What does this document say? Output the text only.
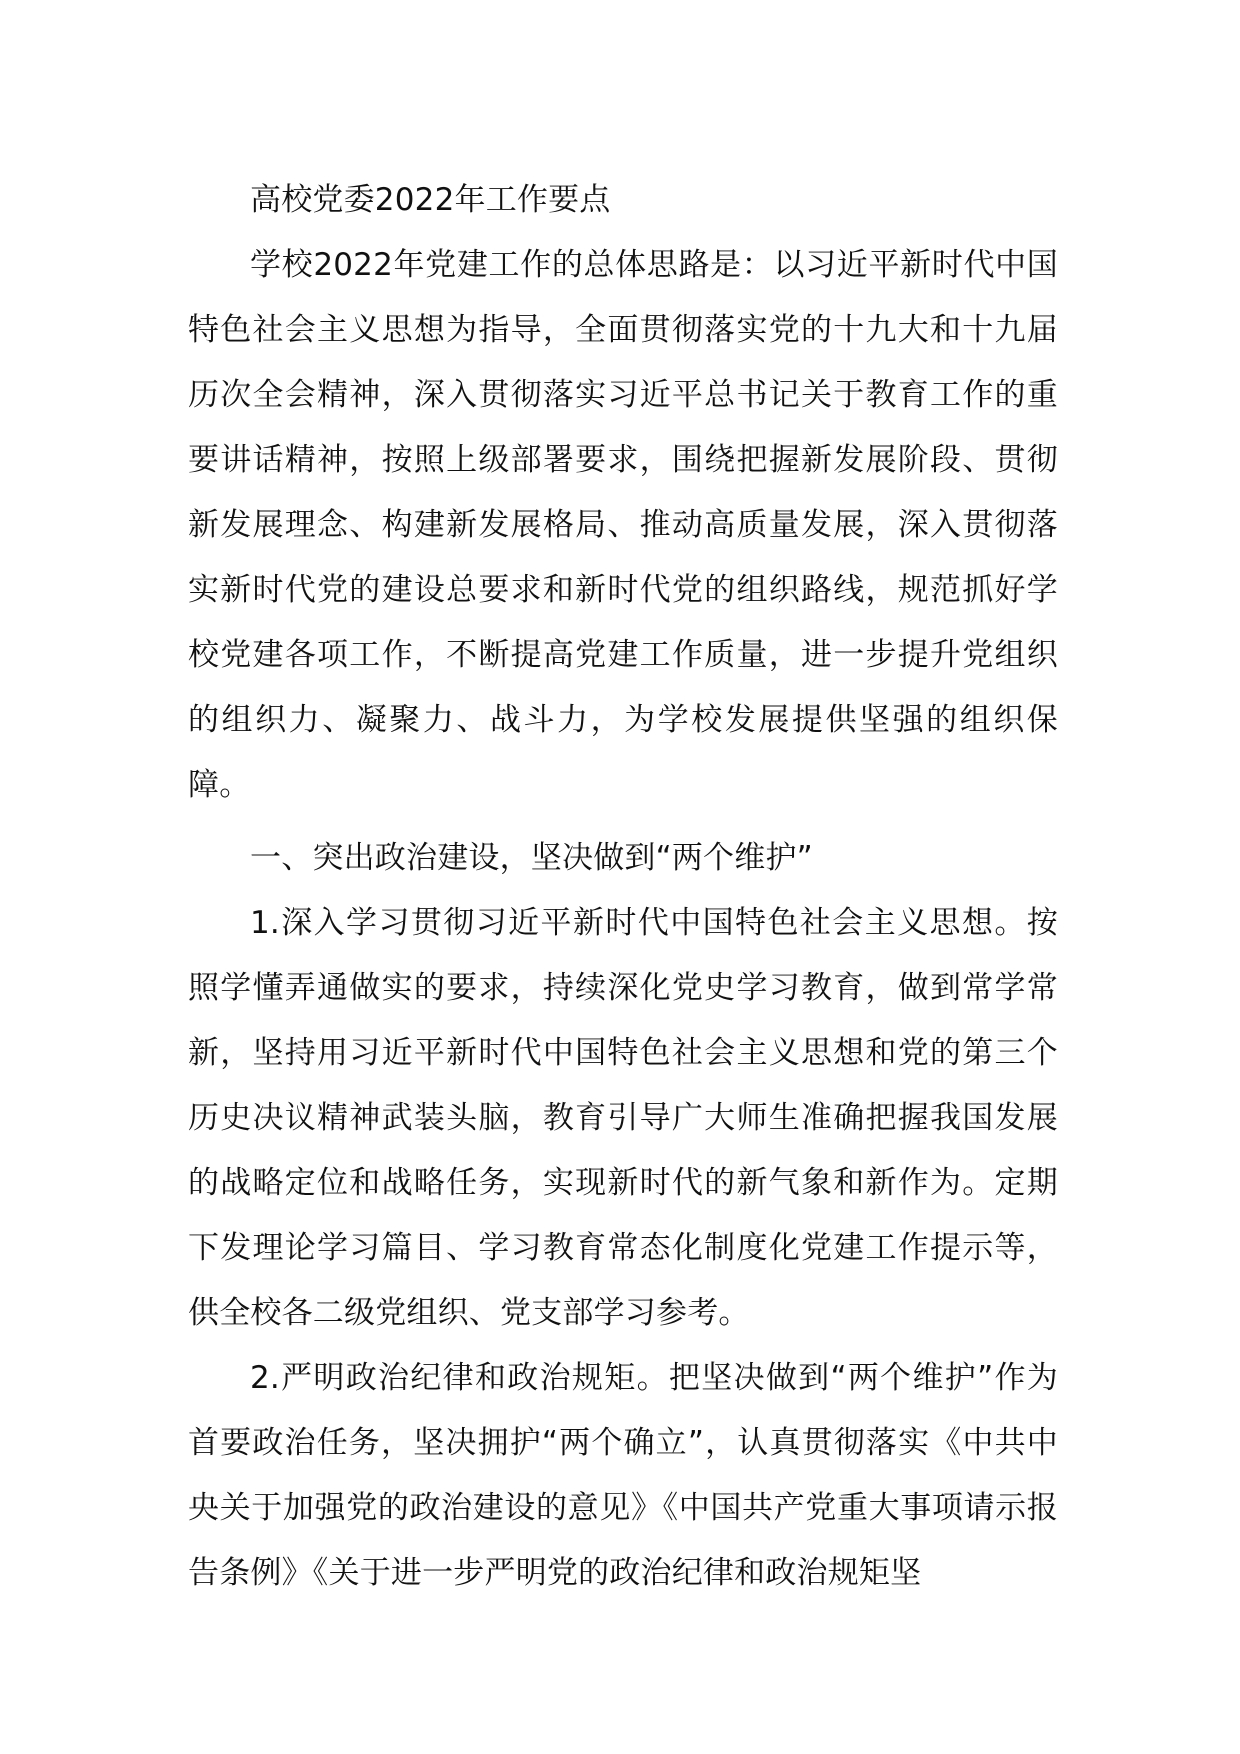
高校党委2022年工作要点

学校2022年党建工作的总体思路是：以习近平新时代中国特色社会主义思想为指导，全面贯彻落实党的十九大和十九届历次全会精神，深入贯彻落实习近平总书记关于教育工作的重要讲话精神，按照上级部署要求，围绕把握新发展阶段、贯彻新发展理念、构建新发展格局、推动高质量发展，深入贯彻落实新时代党的建设总要求和新时代党的组织路线，规范抓好学校党建各项工作，不断提高党建工作质量，进一步提升党组织的组织力、凝聚力、战斗力，为学校发展提供坚强的组织保障。

一、突出政治建设，坚决做到“两个维护”

1.深入学习贯彻习近平新时代中国特色社会主义思想。按照学懂弄通做实的要求，持续深化党史学习教育，做到常学常新，坚持用习近平新时代中国特色社会主义思想和党的第三个历史决议精神武装头脑，教育引导广大师生准确把握我国发展的战略定位和战略任务，实现新时代的新气象和新作为。定期下发理论学习篇目、学习教育常态化制度化党建工作提示等，供全校各二级党组织、党支部学习参考。

2.严明政治纪律和政治规矩。把坚决做到“两个维护”作为首要政治任务，坚决拥护“两个确立”，认真贯彻落实《中共中央关于加强党的政治建设的意见》《中国共产党重大事项请示报告条例》《关于进一步严明党的政治纪律和政治规矩坚
